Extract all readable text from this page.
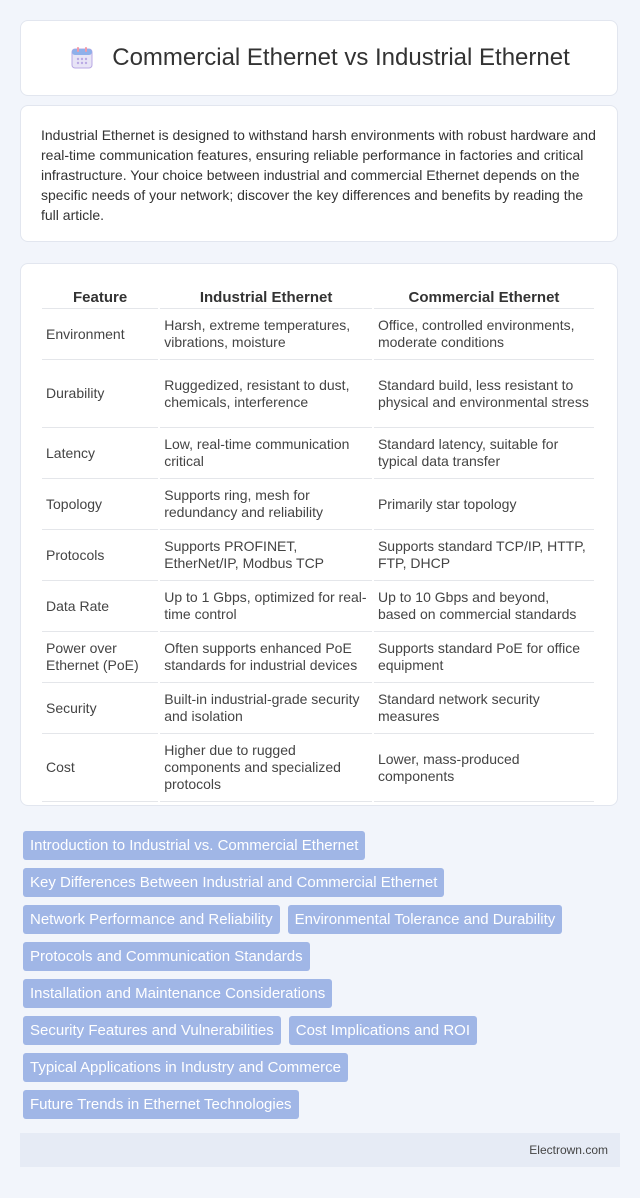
Commercial Ethernet vs Industrial Ethernet

Industrial Ethernet is designed to withstand harsh environments with robust hardware and real-time communication features, ensuring reliable performance in factories and critical infrastructure. Your choice between industrial and commercial Ethernet depends on the specific needs of your network; discover the key differences and benefits by reading the full article.

Feature	Industrial Ethernet	Commercial Ethernet
Environment	Harsh, extreme temperatures, vibrations, moisture	Office, controlled environments, moderate conditions
Durability	Ruggedized, resistant to dust, chemicals, interference	Standard build, less resistant to physical and environmental stress
Latency	Low, real-time communication critical	Standard latency, suitable for typical data transfer
Topology	Supports ring, mesh for redundancy and reliability	Primarily star topology
Protocols	Supports PROFINET, EtherNet/IP, Modbus TCP	Supports standard TCP/IP, HTTP, FTP, DHCP
Data Rate	Up to 1 Gbps, optimized for real-time control	Up to 10 Gbps and beyond, based on commercial standards
Power over Ethernet (PoE)	Often supports enhanced PoE standards for industrial devices	Supports standard PoE for office equipment
Security	Built-in industrial-grade security and isolation	Standard network security measures
Cost	Higher due to rugged components and specialized protocols	Lower, mass-produced components
Introduction to Industrial vs. Commercial Ethernet
Key Differences Between Industrial and Commercial Ethernet
Network Performance and Reliability	Environmental Tolerance and Durability
Protocols and Communication Standards
Installation and Maintenance Considerations
Security Features and Vulnerabilities	Cost Implications and ROI
Typical Applications in Industry and Commerce
Future Trends in Ethernet Technologies
Electrown.com
